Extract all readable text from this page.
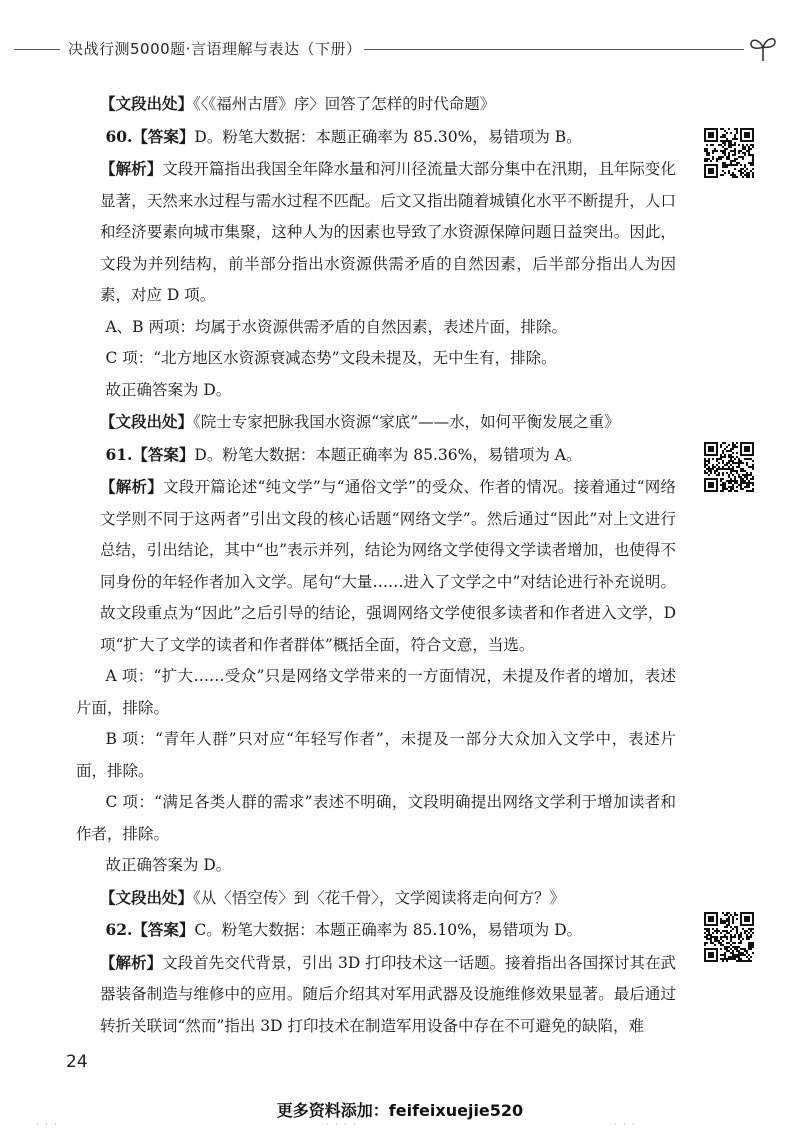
决战行测5000题·言语理解与表达（下册）

【文段出处】《〈《福州古厝》序〉回答了怎样的时代命题》

60.【答案】D。粉笔大数据：本题正确率为 85.30%，易错项为 B。

【解析】文段开篇指出我国全年降水量和河川径流量大部分集中在汛期，且年际变化显著，天然来水过程与需水过程不匹配。后文又指出随着城镇化水平不断提升，人口和经济要素向城市集聚，这种人为的因素也导致了水资源保障问题日益突出。因此，文段为并列结构，前半部分指出水资源供需矛盾的自然因素，后半部分指出人为因素，对应 D 项。

A、B 两项：均属于水资源供需矛盾的自然因素，表述片面，排除。

C 项：“北方地区水资源衰减态势”文段未提及，无中生有，排除。

故正确答案为 D。

【文段出处】《院士专家把脉我国水资源“家底”——水，如何平衡发展之重》

61.【答案】D。粉笔大数据：本题正确率为 85.36%，易错项为 A。

【解析】文段开篇论述“纯文学”与“通俗文学”的受众、作者的情况。接着通过“网络文学则不同于这两者”引出文段的核心话题“网络文学”。然后通过“因此”对上文进行总结，引出结论，其中“也”表示并列，结论为网络文学使得文学读者增加，也使得不同身份的年轻作者加入文学。尾句“大量……进入了文学之中”对结论进行补充说明。故文段重点为“因此”之后引导的结论，强调网络文学使很多读者和作者进入文学，D 项“扩大了文学的读者和作者群体”概括全面，符合文意，当选。

A 项：“扩大……受众”只是网络文学带来的一方面情况，未提及作者的增加，表述片面，排除。

B 项：“青年人群”只对应“年轻写作者”，未提及一部分大众加入文学中，表述片面，排除。

C 项：“满足各类人群的需求”表述不明确，文段明确提出网络文学利于增加读者和作者，排除。

故正确答案为 D。

【文段出处】《从〈悟空传〉到〈花千骨〉，文学阅读将走向何方？》

62.【答案】C。粉笔大数据：本题正确率为 85.10%，易错项为 D。

【解析】文段首先交代背景，引出 3D 打印技术这一话题。接着指出各国探讨其在武器装备制造与维修中的应用。随后介绍其对军用武器及设施维修效果显著。最后通过转折关联词“然而”指出 3D 打印技术在制造军用设备中存在不可避免的缺陷，难

24
更多资料添加：feifeixuejie520
· · ·	· · · ·	· · ·
